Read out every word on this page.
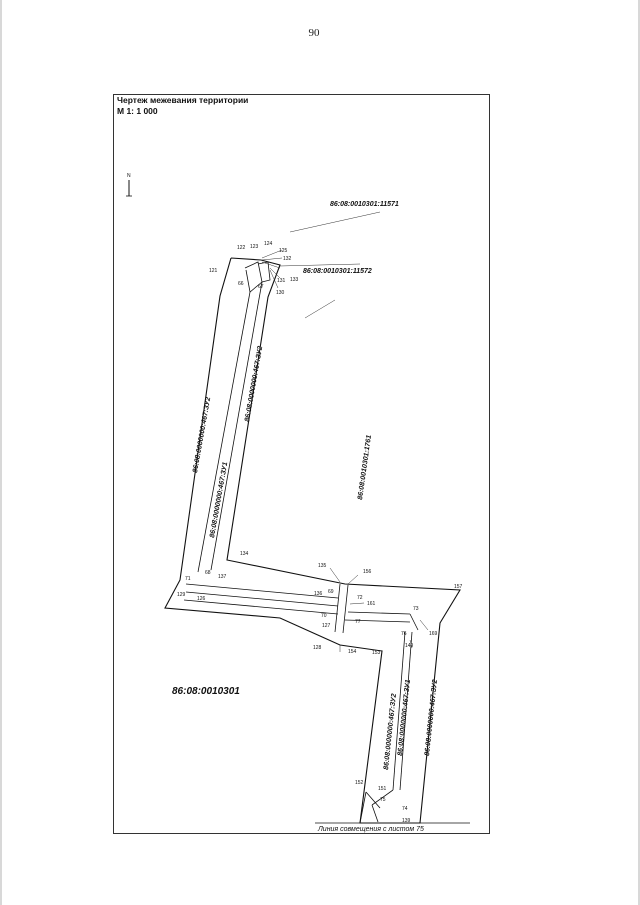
90
Чертеж межевания территории
М 1: 1 000
N
86:08:0010301:11571
86:08:0010301:11572
86:08:0010301:1761
86:08:0010301
86:08:0000000:467:ЗУ2
86:08:0000000:467:ЗУ2
86:08:0000000:467:ЗУ1
86:08:0000000:467:ЗУ2 86:08:0000000:467:ЗУ1 86:08:0000000:467:ЗУ2
121
122 123 124
125
132
133
131
130
66	67
134
135
156
157
68
137
71
129
126
136 69
72
161
73
70
127
77
76	169
128
154	153
149
152
151
75
74
139
Линия совмещения с листом 75
